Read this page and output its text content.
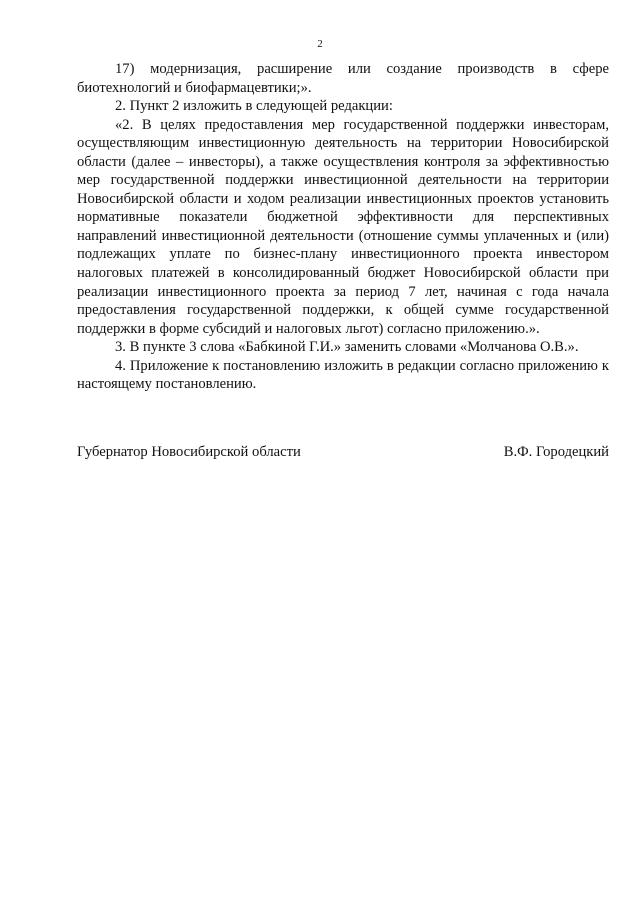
2

17) модернизация, расширение или создание производств в сфере биотехнологий и биофармацевтики;».

2. Пункт 2 изложить в следующей редакции:

«2. В целях предоставления мер государственной поддержки инвесторам, осуществляющим инвестиционную деятельность на территории Новосибирской области (далее – инвесторы), а также осуществления контроля за эффективностью мер государственной поддержки инвестиционной деятельности на территории Новосибирской области и ходом реализации инвестиционных проектов установить нормативные показатели бюджетной эффективности для перспективных направлений инвестиционной деятельности (отношение суммы уплаченных и (или) подлежащих уплате по бизнес-плану инвестиционного проекта инвестором налоговых платежей в консолидированный бюджет Новосибирской области при реализации инвестиционного проекта за период 7 лет, начиная с года начала предоставления государственной поддержки, к общей сумме государственной поддержки в форме субсидий и налоговых льгот) согласно приложению.».

3. В пункте 3 слова «Бабкиной Г.И.» заменить словами «Молчанова О.В.».

4. Приложение к постановлению изложить в редакции согласно приложению к настоящему постановлению.

Губернатор Новосибирской области	В.Ф. Городецкий
